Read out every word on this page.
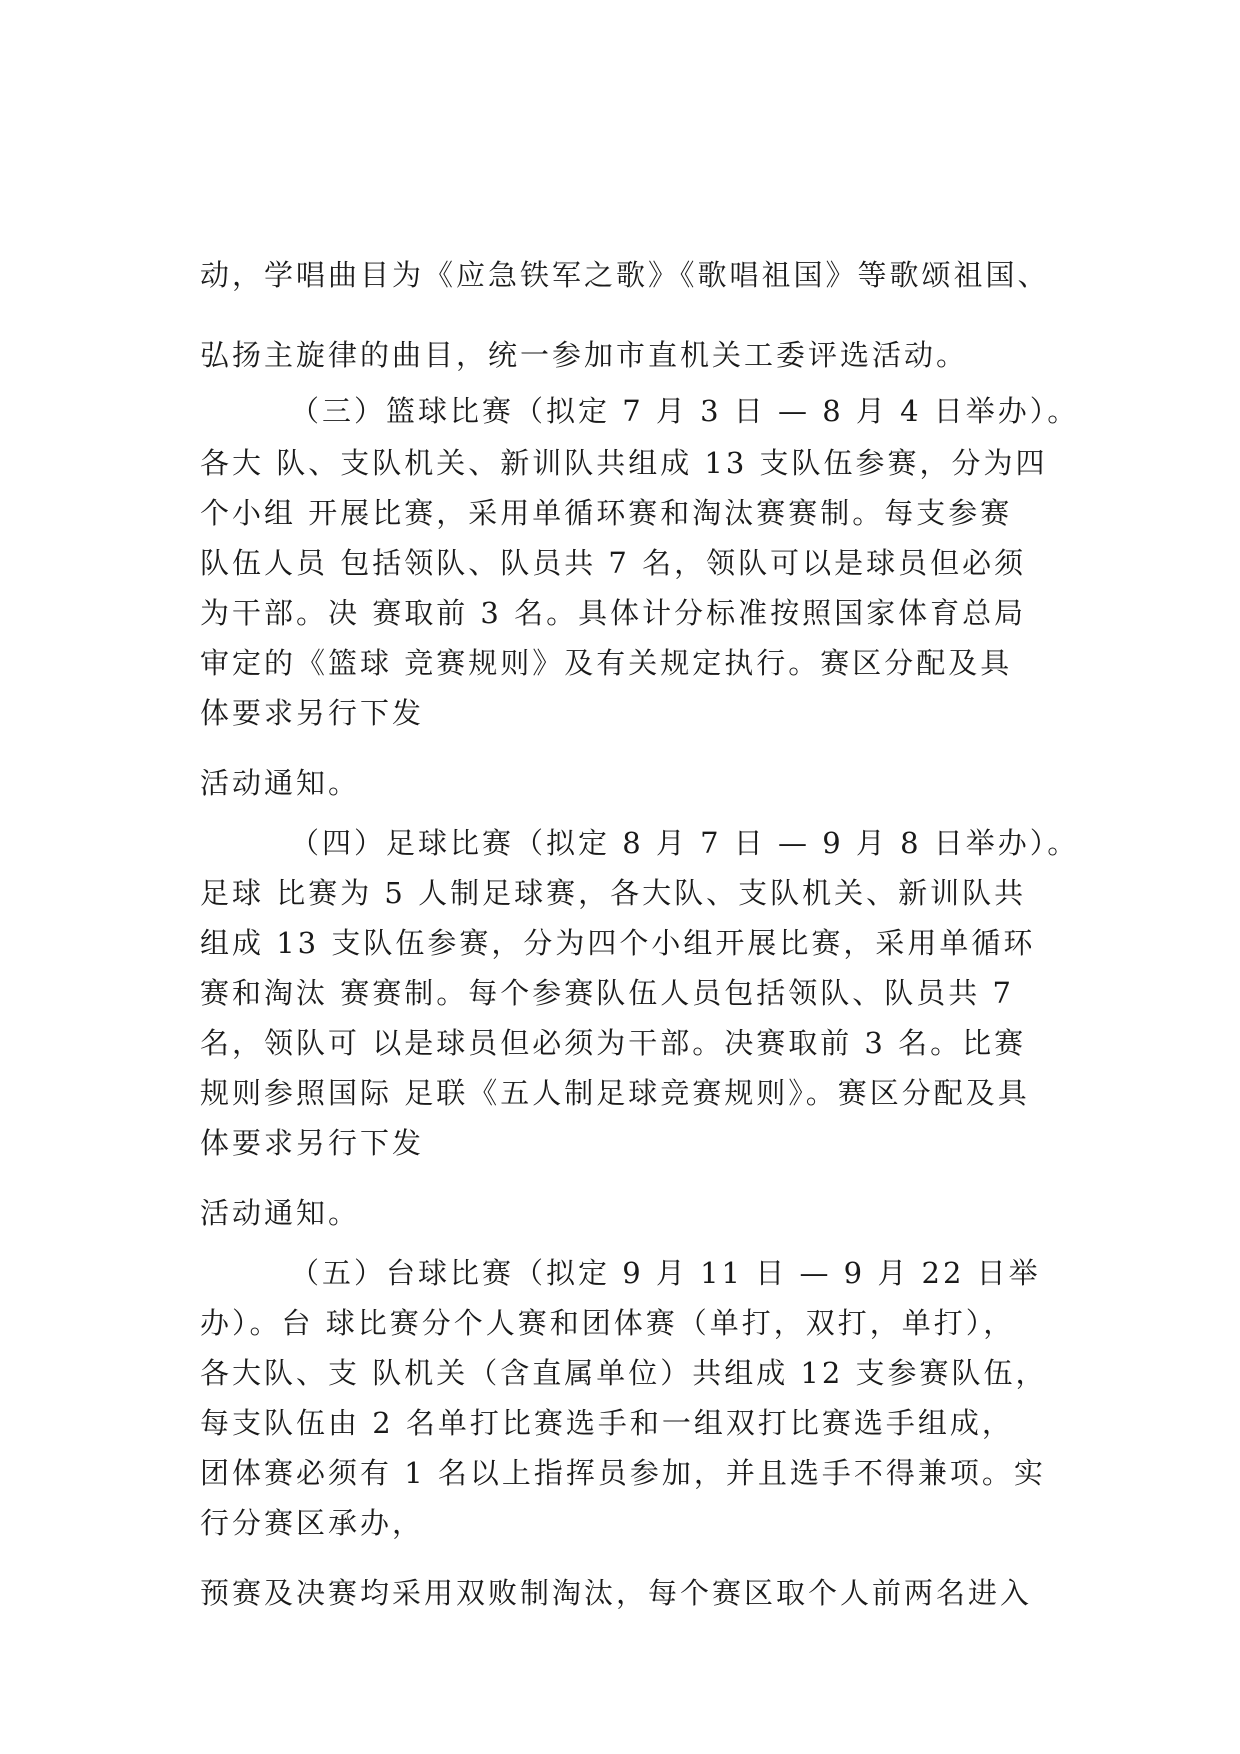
动，学唱曲目为《应急铁军之歌》《歌唱祖国》等歌颂祖国、
弘扬主旋律的曲目，统一参加市直机关工委评选活动。
（三）篮球比赛（拟定 7 月 3 日 — 8 月 4 日举办）。
各大 队、支队机关、新训队共组成 13 支队伍参赛，分为四
个小组 开展比赛，采用单循环赛和淘汰赛赛制。每支参赛
队伍人员 包括领队、队员共 7 名，领队可以是球员但必须
为干部。决 赛取前 3 名。具体计分标准按照国家体育总局
审定的《篮球 竞赛规则》及有关规定执行。赛区分配及具
体要求另行下发
活动通知。
（四）足球比赛（拟定 8 月 7 日 — 9 月 8 日举办）。
足球 比赛为 5 人制足球赛，各大队、支队机关、新训队共
组成 13 支队伍参赛，分为四个小组开展比赛，采用单循环
赛和淘汰 赛赛制。每个参赛队伍人员包括领队、队员共 7
名，领队可 以是球员但必须为干部。决赛取前 3 名。比赛
规则参照国际 足联《五人制足球竞赛规则》。赛区分配及具
体要求另行下发
活动通知。
（五）台球比赛（拟定 9 月 11 日 — 9 月 22 日举
办）。台 球比赛分个人赛和团体赛（单打，双打，单打），
各大队、支 队机关（含直属单位）共组成 12 支参赛队伍，
每支队伍由 2 名单打比赛选手和一组双打比赛选手组成，
团体赛必须有 1 名以上指挥员参加，并且选手不得兼项。实
行分赛区承办，
预赛及决赛均采用双败制淘汰，每个赛区取个人前两名进入
